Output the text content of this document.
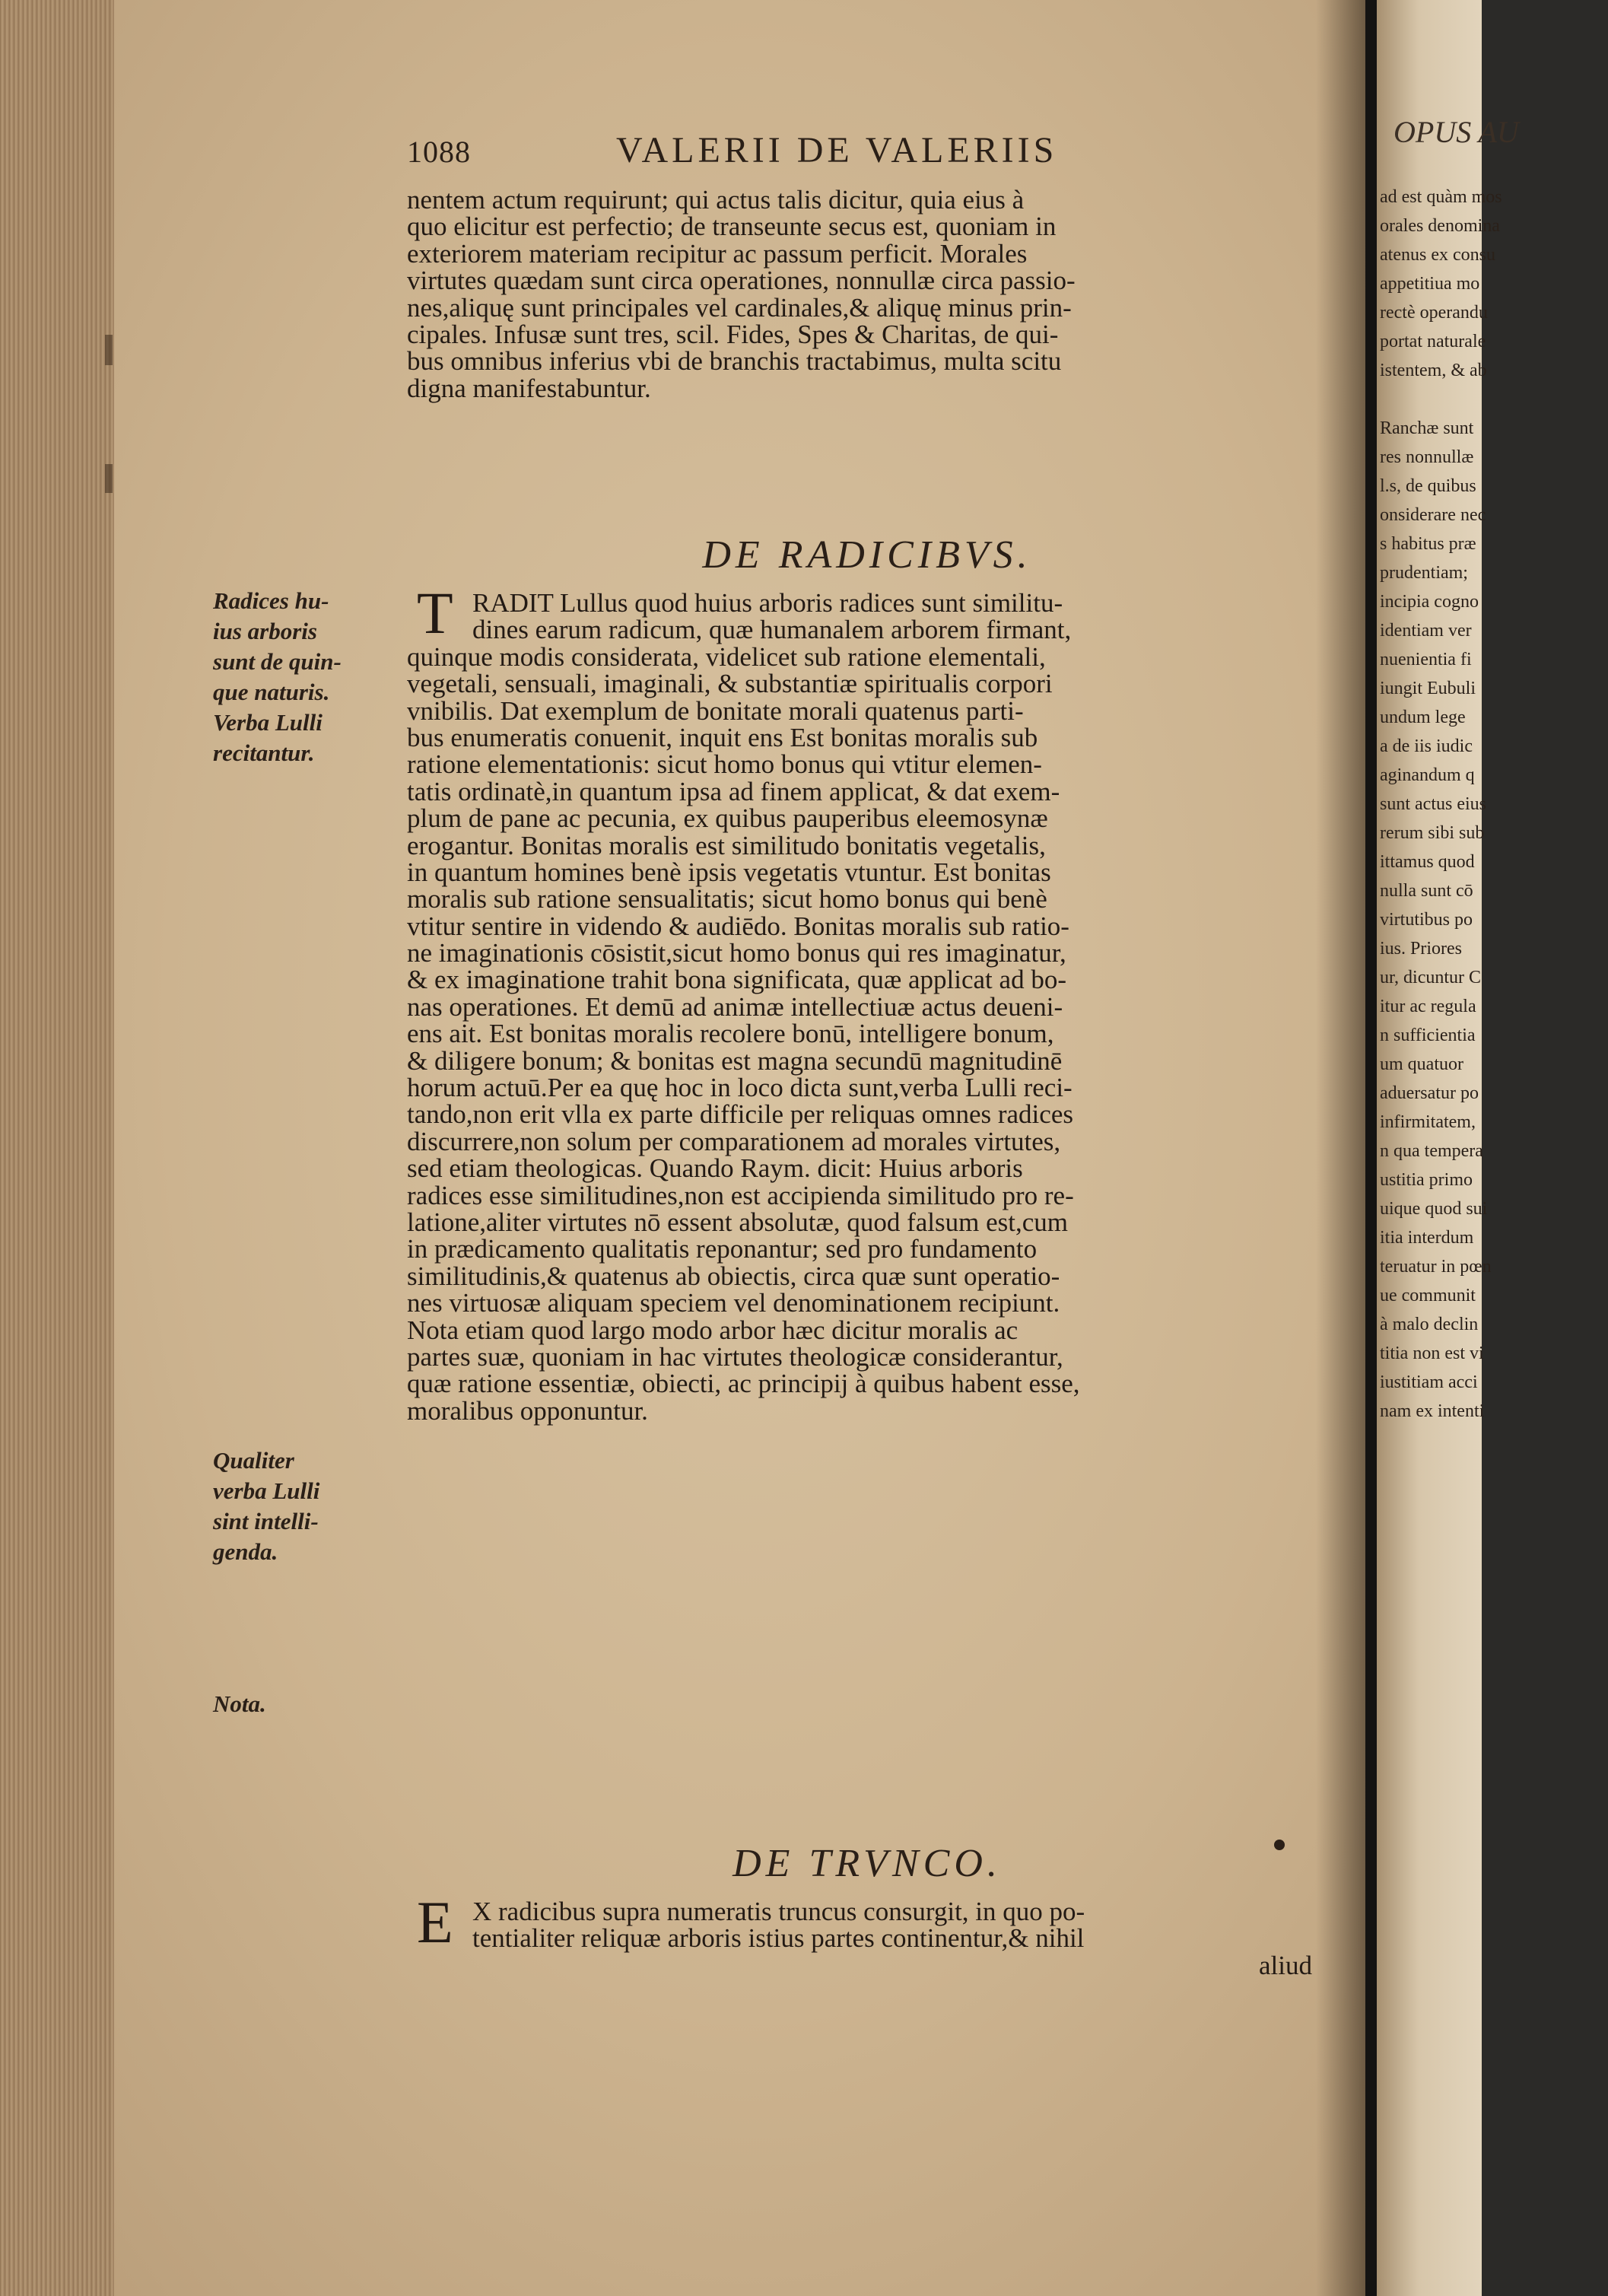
1088	VALERII DE VALERIIS
nentem actum requirunt; qui actus talis dicitur, quia eius à
quo elicitur est perfectio; de transeunte secus est, quoniam in
exteriorem materiam recipitur ac passum perficit. Morales
virtutes quædam sunt circa operationes, nonnullæ circa passio-
nes,aliquę sunt principales vel cardinales,& aliquę minus prin-
cipales. Infusæ sunt tres, scil. Fides, Spes & Charitas, de qui-
bus omnibus inferius vbi de branchis tractabimus, multa scitu
digna manifestabuntur.
DE RADICIBVS.
T RADIT Lullus quod huius arboris radices sunt similitu-
dines earum radicum, quæ humanalem arborem firmant,
quinque modis considerata, videlicet sub ratione elementali,
vegetali, sensuali, imaginali, & substantiæ spiritualis corpori
vnibilis. Dat exemplum de bonitate morali quatenus parti-
bus enumeratis conuenit, inquit ens Est bonitas moralis sub
ratione elementationis: sicut homo bonus qui vtitur elemen-
tatis ordinatè,in quantum ipsa ad finem applicat, & dat exem-
plum de pane ac pecunia, ex quibus pauperibus eleemosynæ
erogantur. Bonitas moralis est similitudo bonitatis vegetalis,
in quantum homines benè ipsis vegetatis vtuntur. Est bonitas
moralis sub ratione sensualitatis; sicut homo bonus qui benè
vtitur sentire in videndo & audiēdo. Bonitas moralis sub ratio-
ne imaginationis cōsistit,sicut homo bonus qui res imaginatur,
& ex imaginatione trahit bona significata, quæ applicat ad bo-
nas operationes. Et demū ad animæ intellectiuæ actus deueni-
ens ait. Est bonitas moralis recolere bonū, intelligere bonum,
& diligere bonum; & bonitas est magna secundū magnitudinē
horum actuū.Per ea quę hoc in loco dicta sunt,verba Lulli reci-
tando,non erit vlla ex parte difficile per reliquas omnes radices
discurrere,non solum per comparationem ad morales virtutes,
sed etiam theologicas. Quando Raym. dicit: Huius arboris
radices esse similitudines,non est accipienda similitudo pro re-
latione,aliter virtutes nō essent absolutæ, quod falsum est,cum
in prædicamento qualitatis reponantur; sed pro fundamento
similitudinis,& quatenus ab obiectis, circa quæ sunt operatio-
nes virtuosæ aliquam speciem vel denominationem recipiunt.
Nota etiam quod largo modo arbor hæc dicitur moralis ac
partes suæ, quoniam in hac virtutes theologicæ considerantur,
quæ ratione essentiæ, obiecti, ac principij à quibus habent esse,
moralibus opponuntur.
DE TRVNCO.
E X radicibus supra numeratis truncus consurgit, in quo po-
tentialiter reliquæ arboris istius partes continentur,& nihil
aliud
Radices hu-
ius arboris
sunt de quin-
que naturis.
Verba Lulli
recitantur.
Qualiter
verba Lulli
sint intelli-
genda.
Nota.
OPUS AU
ad est quàm mos
orales denomina
atenus ex consu
appetitiua mo
rectè operandu
portat naturale
istentem, & ab
Ranchæ sunt
res nonnullæ
l.s, de quibus
onsiderare nec
s habitus præ
prudentiam;
incipia cogno
identiam ver
nuenientia fi
iungit Eubuli
undum lege
a de iis iudic
aginandum q
sunt actus eius
rerum sibi sub
ittamus quod
nulla sunt cō
virtutibus po
ius. Priores
ur, dicuntur C
itur ac regula
n sufficientia
um quatuor
aduersatur po
infirmitatem,
n qua tempera
ustitia primo
uique quod sui
itia interdum
teruatur in pœn
ue communit
à malo declin
titia non est vi
iustitiam acci
nam ex intenti
